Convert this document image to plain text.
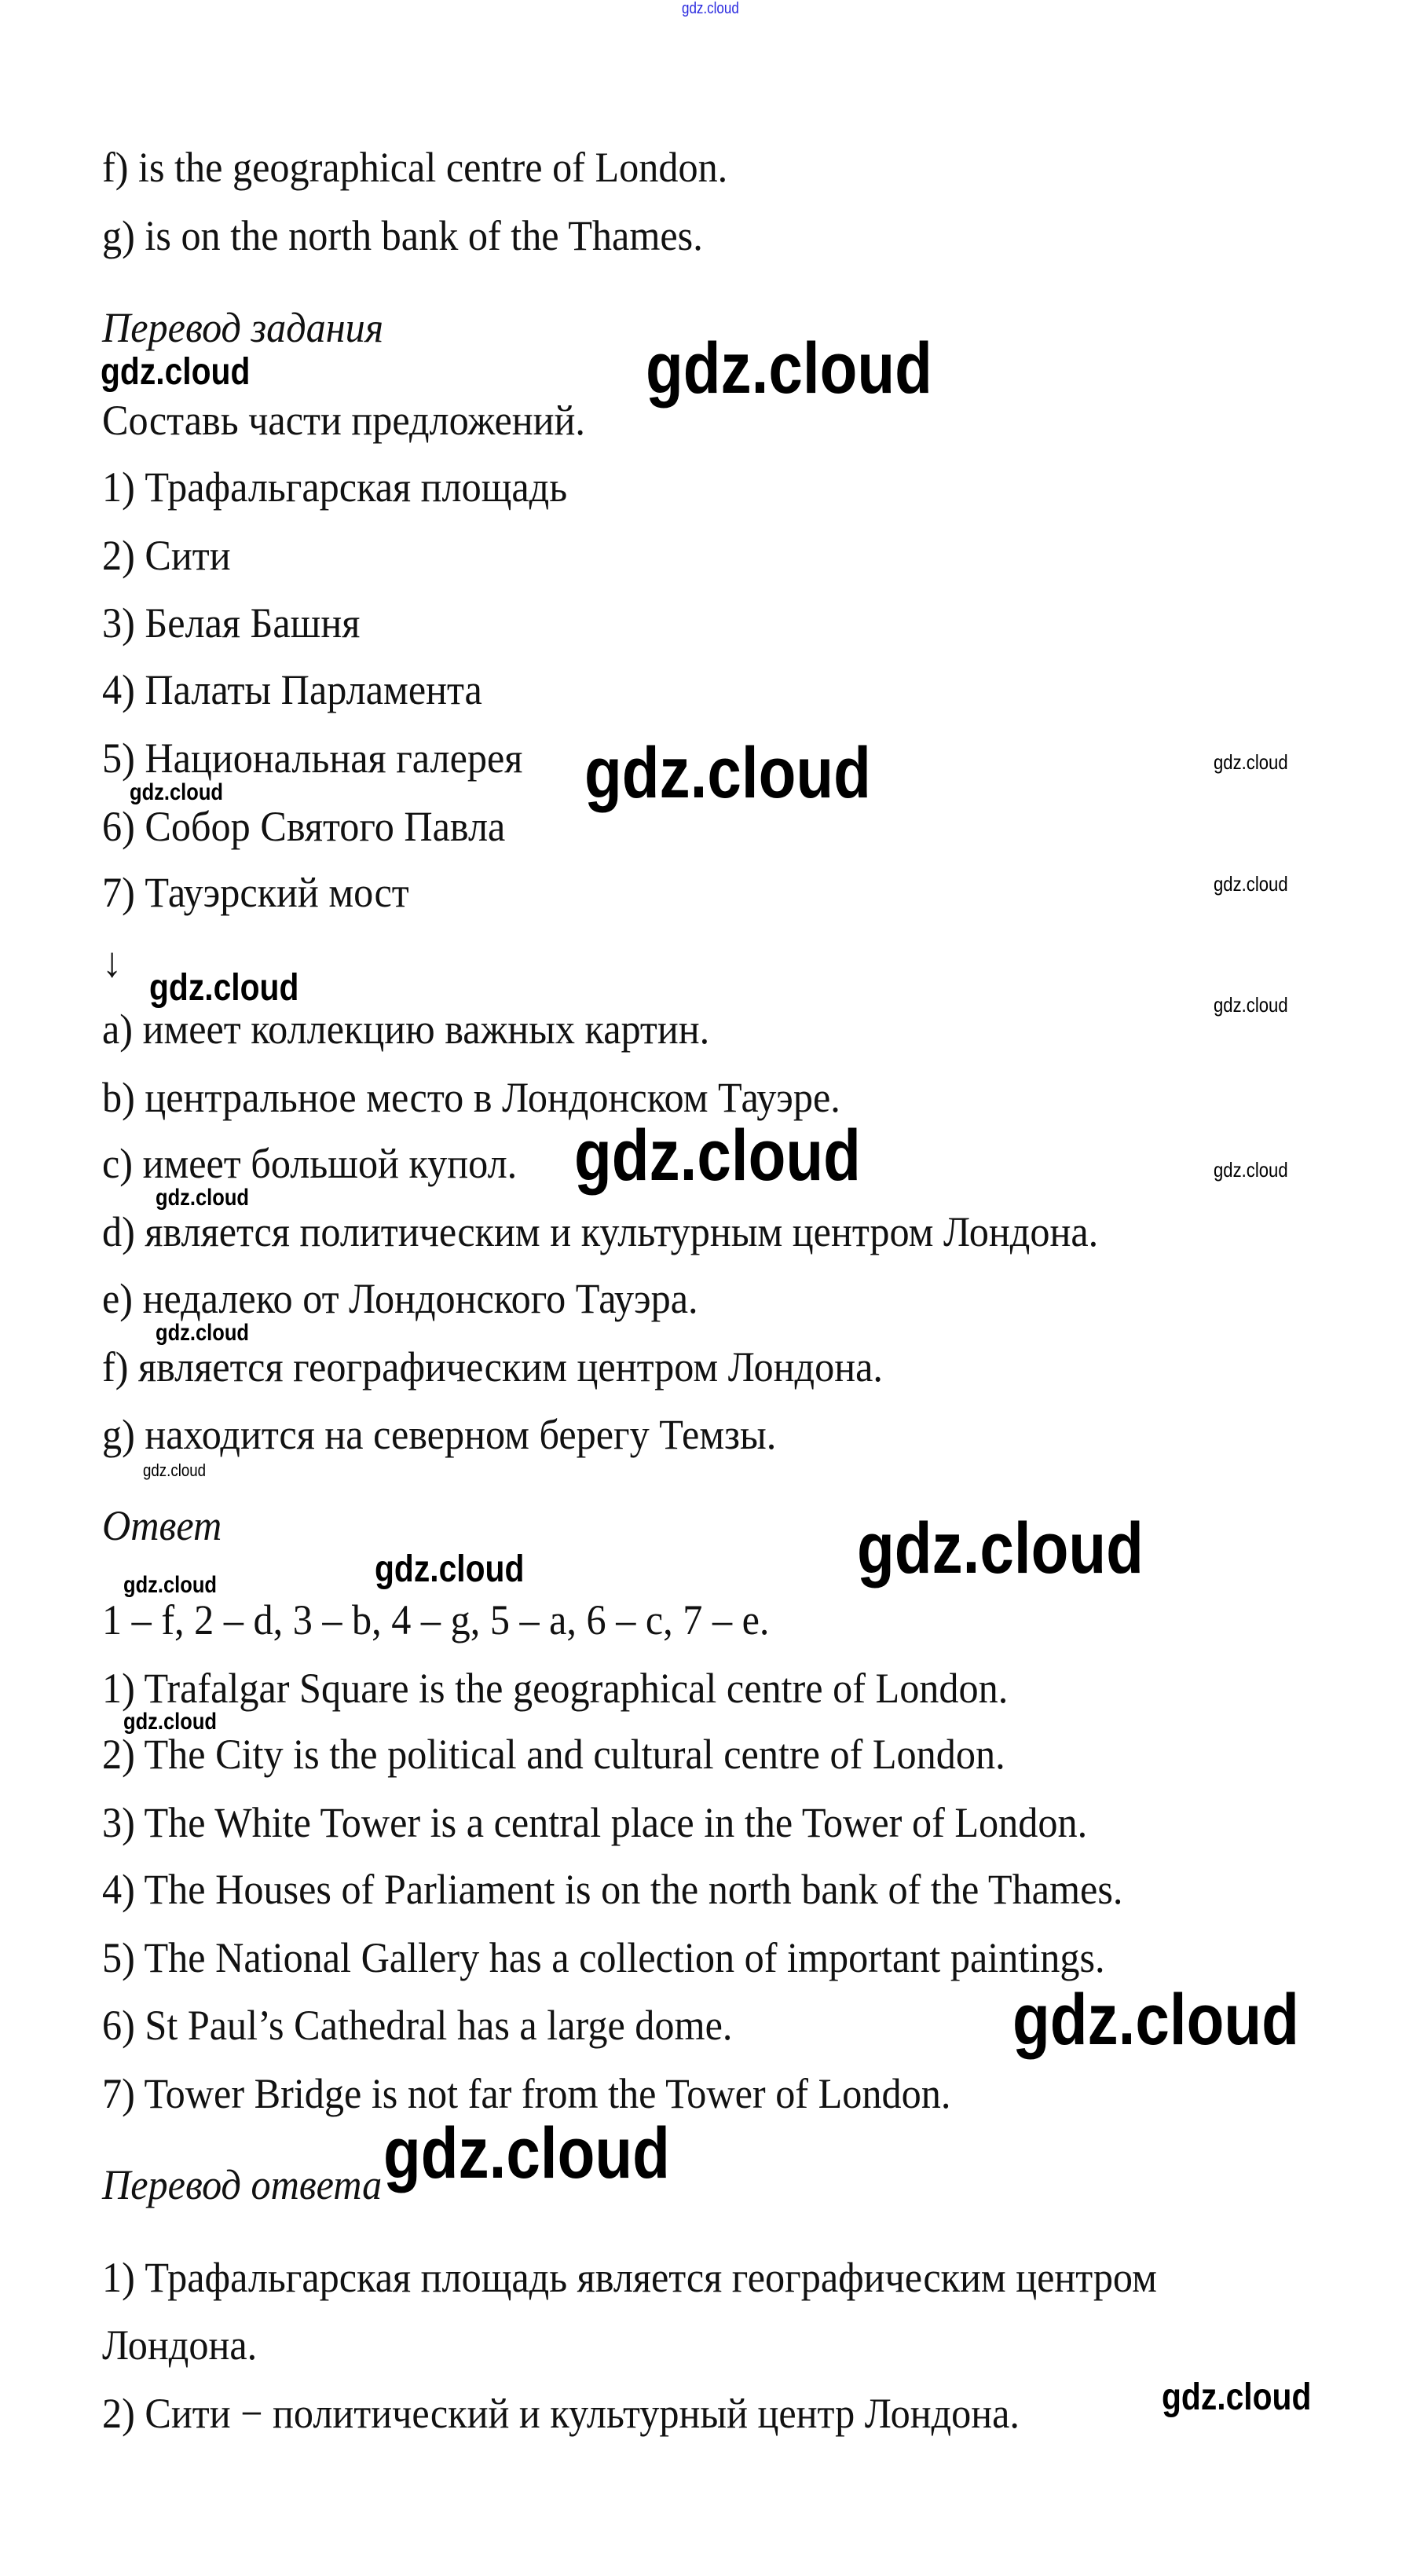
gdz.cloud
f) is the geographical centre of London.
g) is on the north bank of the Thames.
Перевод задания
Составь части предложений.
1) Трафальгарская площадь
2) Сити
3) Белая Башня
4) Палаты Парламента
5) Национальная галерея
6) Собор Святого Павла
7) Тауэрский мост
↓
a) имеет коллекцию важных картин.
b) центральное место в Лондонском Тауэре.
c) имеет большой купол.
d) является политическим и культурным центром Лондона.
e) недалеко от Лондонского Тауэра.
f) является географическим центром Лондона.
g) находится на северном берегу Темзы.
Ответ
1 – f, 2 – d, 3 – b, 4 – g, 5 – a, 6 – c, 7 – e.
1) Trafalgar Square is the geographical centre of London.
2) The City is the political and cultural centre of London.
3) The White Tower is a central place in the Tower of London.
4) The Houses of Parliament is on the north bank of the Thames.
5) The National Gallery has a collection of important paintings.
6) St Paul’s Cathedral has a large dome.
7) Tower Bridge is not far from the Tower of London.
Перевод ответа
1) Трафальгарская площадь является географическим центром
Лондона.
2) Сити − политический и культурный центр Лондона.
gdz.cloud
gdz.cloud
gdz.cloud
gdz.cloud
gdz.cloud
gdz.cloud
gdz.cloud
gdz.cloud
gdz.cloud
gdz.cloud
gdz.cloud
gdz.cloud
gdz.cloud
gdz.cloud
gdz.cloud
gdz.cloud
gdz.cloud
gdz.cloud
gdz.cloud
gdz.cloud
